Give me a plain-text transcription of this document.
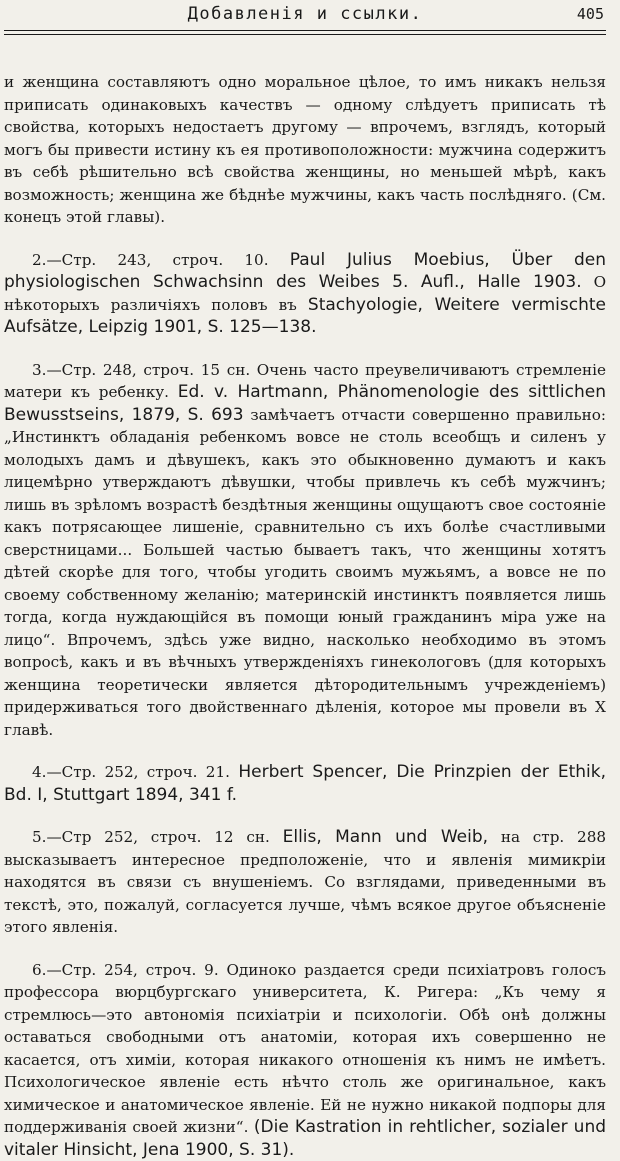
Добавленія и ссылки.	405

и женщина составляютъ одно моральное цѣлое, то имъ никакъ нельзя приписать одинаковыхъ качествъ — одному слѣдуетъ приписать тѣ свойства, которыхъ недостаетъ другому — впрочемъ, взглядъ, который могъ бы привести истину къ ея противоположности: мужчина содержитъ въ себѣ рѣшительно всѣ свойства женщины, но меньшей мѣрѣ, какъ возможность; женщина же бѣднѣе мужчины, какъ часть послѣдняго. (См. конецъ этой главы).

2.—Стр. 243, строч. 10. Paul Julius Moebius, Über den physiologischen Schwachsinn des Weibes 5. Aufl., Halle 1903. О нѣкоторыхъ различіяхъ половъ въ Stachyologie, Weitere vermischte Aufsätze, Leipzig 1901, S. 125—138.

3.—Стр. 248, строч. 15 сн. Очень часто преувеличиваютъ стремленіе матери къ ребенку. Ed. v. Hartmann, Phänomenologie des sittlichen Bewusstseins, 1879, S. 693 замѣчаетъ отчасти совершенно правильно: „Инстинктъ обладанія ребенкомъ вовсе не столь всеобщъ и силенъ у молодыхъ дамъ и дѣвушекъ, какъ это обыкновенно думаютъ и какъ лицемѣрно утверждаютъ дѣвушки, чтобы привлечь къ себѣ мужчинъ; лишь въ зрѣломъ возрастѣ бездѣтныя женщины ощущаютъ свое состояніе какъ потрясающее лишеніе, сравнительно съ ихъ болѣе счастливыми сверстницами... Большей частью бываетъ такъ, что женщины хотятъ дѣтей скорѣе для того, чтобы угодить своимъ мужьямъ, а вовсе не по своему собственному желанію; материнскій инстинктъ появляется лишь тогда, когда нуждающійся въ помощи юный гражданинъ міра уже на лицо“. Впрочемъ, здѣсь уже видно, насколько необходимо въ этомъ вопросѣ, какъ и въ вѣчныхъ утвержденіяхъ гинекологовъ (для которыхъ женщина теоретически является дѣтородительнымъ учрежденіемъ) придерживаться того двойственнаго дѣленія, которое мы провели въ X главѣ.

4.—Стр. 252, строч. 21. Herbert Spencer, Die Prinzpien der Ethik, Bd. I, Stuttgart 1894, 341 f.

5.—Стр 252, строч. 12 сн. Ellis, Mann und Weib, на стр. 288 высказываетъ интересное предположеніе, что и явленія мимикріи находятся въ связи съ внушеніемъ. Со взглядами, приведенными въ текстѣ, это, пожалуй, согласуется лучше, чѣмъ всякое другое объясненіе этого явленія.

6.—Стр. 254, строч. 9. Одиноко раздается среди психіатровъ голосъ профессора вюрцбургскаго университета, К. Ригера: „Къ чему я стремлюсь—это автономія психіатріи и психологіи. Обѣ онѣ должны оставаться свободными отъ анатоміи, которая ихъ совершенно не касается, отъ химіи, которая никакого отношенія къ нимъ не имѣетъ. Психологическое явленіе есть нѣчто столь же оригинальное, какъ химическое и анатомическое явленіе. Ей не нужно никакой подпоры для поддерживанія своей жизни“. (Die Kastration in rehtlicher, sozialer und vitaler Hinsicht, Jena 1900, S. 31).
